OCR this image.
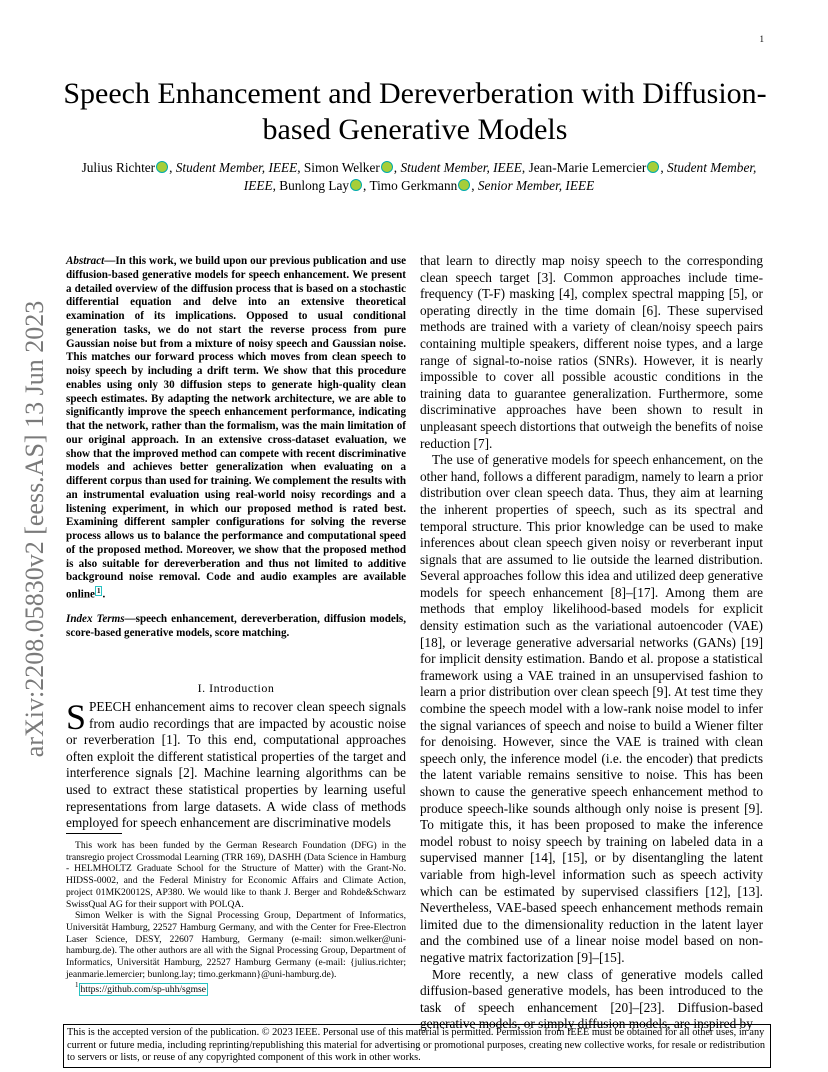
1
arXiv:2208.05830v2 [eess.AS] 13 Jun 2023
Speech Enhancement and Dereverberation with Diffusion-based Generative Models
Julius Richter , Student Member, IEEE, Simon Welker , Student Member, IEEE, Jean-Marie Lemercier , Student Member, IEEE, Bunlong Lay , Timo Gerkmann , Senior Member, IEEE
Abstract—In this work, we build upon our previous publication and use diffusion-based generative models for speech enhancement. We present a detailed overview of the diffusion process that is based on a stochastic differential equation and delve into an extensive theoretical examination of its implications. Opposed to usual conditional generation tasks, we do not start the reverse process from pure Gaussian noise but from a mixture of noisy speech and Gaussian noise. This matches our forward process which moves from clean speech to noisy speech by including a drift term. We show that this procedure enables using only 30 diffusion steps to generate high-quality clean speech estimates. By adapting the network architecture, we are able to significantly improve the speech enhancement performance, indicating that the network, rather than the formalism, was the main limitation of our original approach. In an extensive cross-dataset evaluation, we show that the improved method can compete with recent discriminative models and achieves better generalization when evaluating on a different corpus than used for training. We complement the results with an instrumental evaluation using real-world noisy recordings and a listening experiment, in which our proposed method is rated best. Examining different sampler configurations for solving the reverse process allows us to balance the performance and computational speed of the proposed method. Moreover, we show that the proposed method is also suitable for dereverberation and thus not limited to additive background noise removal. Code and audio examples are available online $^1$ .
Index Terms—speech enhancement, dereverberation, diffusion models, score-based generative models, score matching.
I. Introduction
SPEECH enhancement aims to recover clean speech signals from audio recordings that are impacted by acoustic noise or reverberation [1]. To this end, computational approaches often exploit the different statistical properties of the target and interference signals [2]. Machine learning algorithms can be used to extract these statistical properties by learning useful representations from large datasets. A wide class of methods employed for speech enhancement are discriminative models

This work has been funded by the German Research Foundation (DFG) in the transregio project Crossmodal Learning (TRR 169), DASHH (Data Science in Hamburg - HELMHOLTZ Graduate School for the Structure of Matter) with the Grant-No. HIDSS-0002, and the Federal Ministry for Economic Affairs and Climate Action, project 01MK20012S, AP380. We would like to thank J. Berger and Rohde&Schwarz SwissQual AG for their support with POLQA.

Simon Welker is with the Signal Processing Group, Department of Informatics, Universität Hamburg, 22527 Hamburg Germany, and with the Center for Free-Electron Laser Science, DESY, 22607 Hamburg, Germany (e-mail: simon.welker@uni-hamburg.de). The other authors are all with the Signal Processing Group, Department of Informatics, Universität Hamburg, 22527 Hamburg Germany (e-mail: {julius.richter; jeanmarie.lemercier; bunlong.lay; timo.gerkmann}@uni-hamburg.de).

$^1$ https://github.com/sp-uhh/sgmse

that learn to directly map noisy speech to the corresponding clean speech target [3]. Common approaches include time-frequency (T-F) masking [4], complex spectral mapping [5], or operating directly in the time domain [6]. These supervised methods are trained with a variety of clean/noisy speech pairs containing multiple speakers, different noise types, and a large range of signal-to-noise ratios (SNRs). However, it is nearly impossible to cover all possible acoustic conditions in the training data to guarantee generalization. Furthermore, some discriminative approaches have been shown to result in unpleasant speech distortions that outweigh the benefits of noise reduction [7].

The use of generative models for speech enhancement, on the other hand, follows a different paradigm, namely to learn a prior distribution over clean speech data. Thus, they aim at learning the inherent properties of speech, such as its spectral and temporal structure. This prior knowledge can be used to make inferences about clean speech given noisy or reverberant input signals that are assumed to lie outside the learned distribution. Several approaches follow this idea and utilized deep generative models for speech enhancement [8]–[17]. Among them are methods that employ likelihood-based models for explicit density estimation such as the variational autoencoder (VAE) [18], or leverage generative adversarial networks (GANs) [19] for implicit density estimation. Bando et al. propose a statistical framework using a VAE trained in an unsupervised fashion to learn a prior distribution over clean speech [9]. At test time they combine the speech model with a low-rank noise model to infer the signal variances of speech and noise to build a Wiener filter for denoising. However, since the VAE is trained with clean speech only, the inference model (i.e. the encoder) that predicts the latent variable remains sensitive to noise. This has been shown to cause the generative speech enhancement method to produce speech-like sounds although only noise is present [9]. To mitigate this, it has been proposed to make the inference model robust to noisy speech by training on labeled data in a supervised manner [14], [15], or by disentangling the latent variable from high-level information such as speech activity which can be estimated by supervised classifiers [12], [13]. Nevertheless, VAE-based speech enhancement methods remain limited due to the dimensionality reduction in the latent layer and the combined use of a linear noise model based on non-negative matrix factorization [9]–[15].

More recently, a new class of generative models called diffusion-based generative models, has been introduced to the task of speech enhancement [20]–[23]. Diffusion-based generative models, or simply diffusion models, are inspired by

This is the accepted version of the publication. © 2023 IEEE. Personal use of this material is permitted. Permission from IEEE must be obtained for all other uses, in any current or future media, including reprinting/republishing this material for advertising or promotional purposes, creating new collective works, for resale or redistribution to servers or lists, or reuse of any copyrighted component of this work in other works.
